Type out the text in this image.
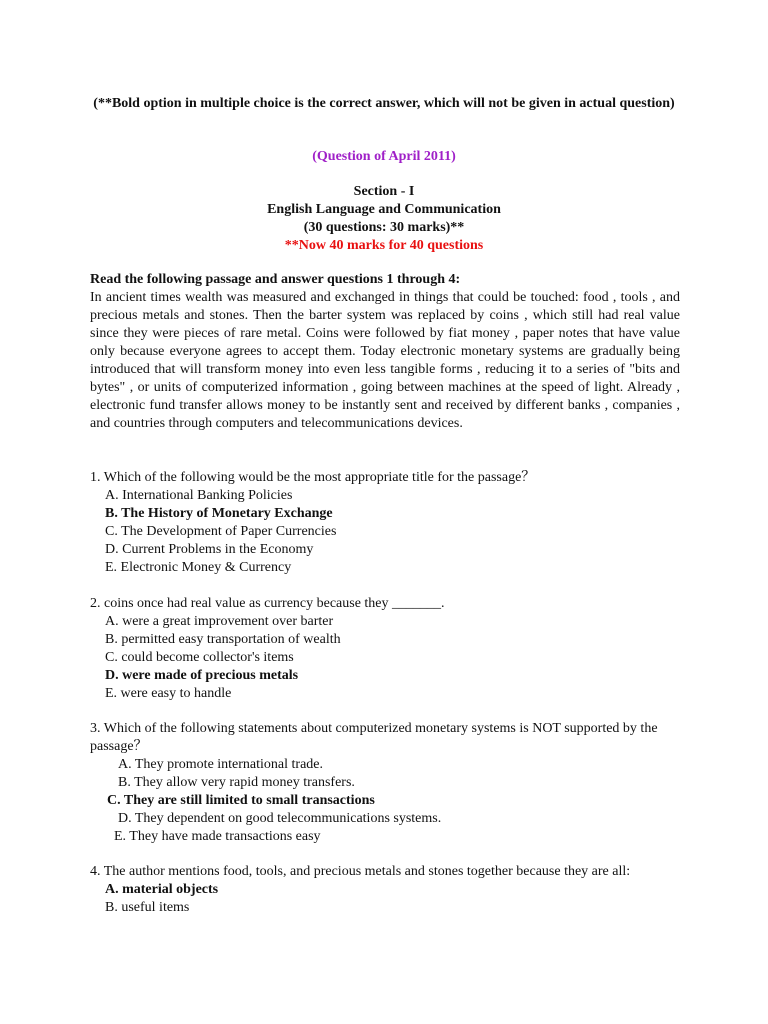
(**Bold option in multiple choice is the correct answer, which will not be given in actual question)
(Question of April 2011)
Section - I
English Language and Communication
(30 questions: 30 marks)**
**Now 40 marks for 40 questions
Read the following passage and answer questions 1 through 4:

In ancient times wealth was measured and exchanged in things that could be touched: food , tools , and precious metals and stones. Then the barter system was replaced by coins , which still had real value since they were pieces of rare metal. Coins were followed by fiat money , paper notes that have value only because everyone agrees to accept them. Today electronic monetary systems are gradually being introduced that will transform money into even less tangible forms , reducing it to a series of "bits and bytes" , or units of computerized information , going between machines at the speed of light. Already , electronic fund transfer allows money to be instantly sent and received by different banks , companies , and countries through computers and telecommunications devices.

1. Which of the following would be the most appropriate title for the passage？

A. International Banking Policies

B. The History of Monetary Exchange

C. The Development of Paper Currencies

D. Current Problems in the Economy

E. Electronic Money & Currency

2. coins once had real value as currency because they _______.

A. were a great improvement over barter

B. permitted easy transportation of wealth

C. could become collector's items

D. were made of precious metals

E. were easy to handle

3. Which of the following statements about computerized monetary systems is NOT supported by the passage？

A. They promote international trade.

B. They allow very rapid money transfers.

C. They are still limited to small transactions

D. They dependent on good telecommunications systems.

E. They have made transactions easy

4. The author mentions food, tools, and precious metals and stones together because they are all:

A. material objects

B. useful items
